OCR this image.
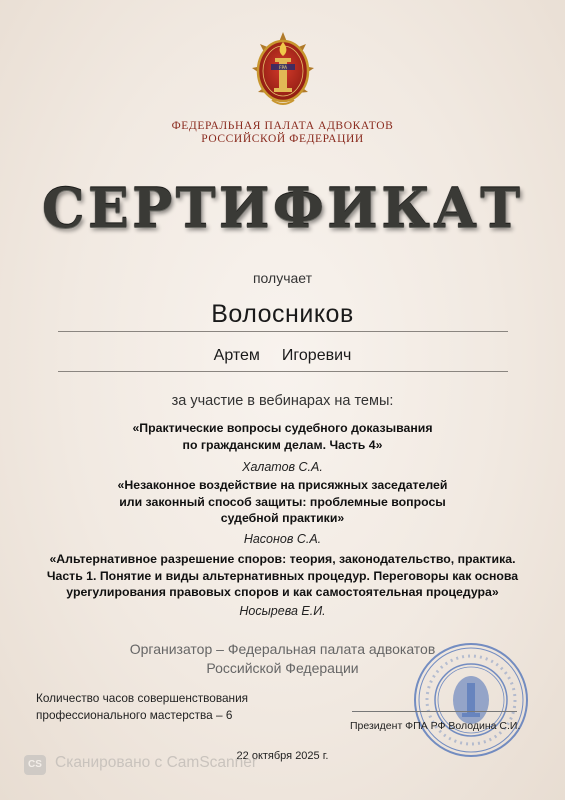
FPA
ФЕДЕРАЛЬНАЯ ПАЛАТА АДВОКАТОВ
РОССИЙСКОЙ ФЕДЕРАЦИИ
СЕРТИФИКАТ
получает
Волосников
Артем Игоревич
за участие в вебинарах на темы:
«Практические вопросы судебного доказывания
по гражданским делам. Часть 4»
Халатов С.А.
«Незаконное воздействие на присяжных заседателей
или законный способ защиты: проблемные вопросы
судебной практики»
Насонов С.А.
«Альтернативное разрешение споров: теория, законодательство, практика.
Часть 1. Понятие и виды альтернативных процедур. Переговоры как основа
урегулирования правовых споров и как самостоятельная процедура»
Носырева Е.И.
Организатор – Федеральная палата адвокатов
Российской Федерации
Количество часов совершенствования
профессионального мастерства – 6
Президент ФПА РФ Володина С.И.
22 октября 2025 г.
CS Сканировано с CamScanner
